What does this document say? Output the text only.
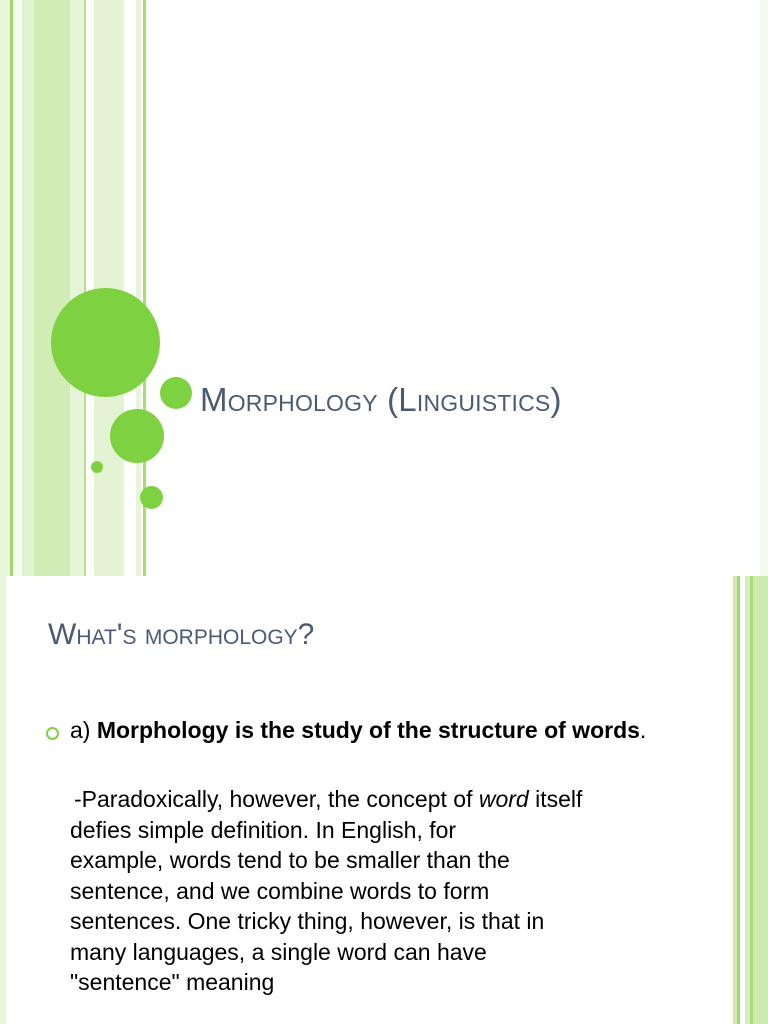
Morphology (Linguistics)
What's morphology?
a) Morphology is the study of the structure of words.
-Paradoxically, however, the concept of word itself
defies simple definition. In English, for
example, words tend to be smaller than the
sentence, and we combine words to form
sentences. One tricky thing, however, is that in
many languages, a single word can have
"sentence" meaning
